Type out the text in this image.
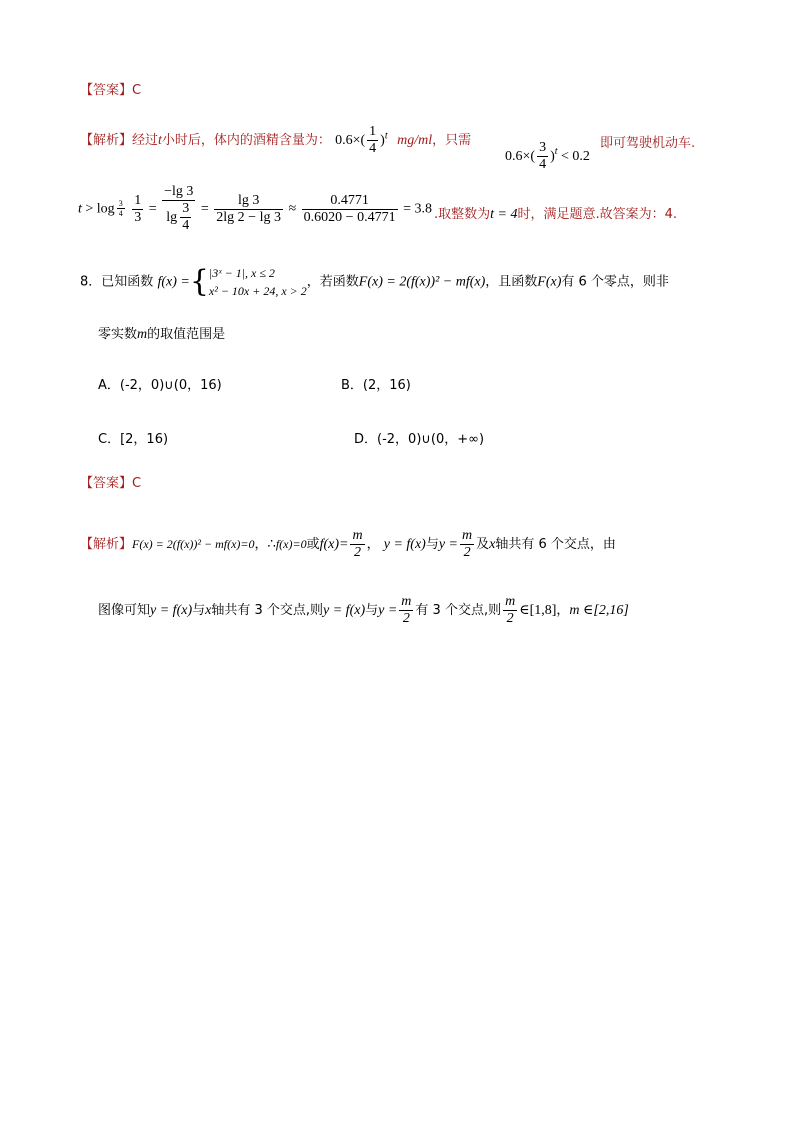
【答案】C
【解析】经过t小时后，体内的酒精含量为： $0.6\times( \frac{1}{4} )^t$ mg/ml，只需
$0.6\times( \frac{3}{4} )^t < 0.2$
即可驾驶机动车.
$t > \log \frac{3}{4}$
$\frac{1}{3} = \frac{-\lg 3}{\lg \frac{3}{4}} = \frac{\lg 3}{2\lg 2 - \lg 3} \approx \frac{0.4771}{0.6020 - 0.4771} = 3.8$ .取整数为t = 4时，满足题意.故答案为：4.
8．已知函数 f(x) ={ |3ˣ − 1|, x ≤ 2
x² − 10x + 24, x > 2
，若函数F(x) = 2(f(x))² − mf(x)，且函数F(x)有 6 个零点，则非
零实数m的取值范围是
A．(-2，0)∪(0，16)	B．(2，16)
C．[2，16)	D．(-2，0)∪(0，+∞)
【答案】C
【解析】F(x) = 2(f(x))² − mf(x)=0，∴f(x)=0或$f(x)= \frac{m}{2}$ ， y = f(x)与$y = \frac{m}{2}$ 及x轴共有 6 个交点，由
图像可知y = f(x)与x轴共有 3 个交点,则y = f(x)与$y = \frac{m}{2}$ 有 3 个交点,则 $\frac{m}{2}$ ∈[1,8]，m ∈[2,16]
